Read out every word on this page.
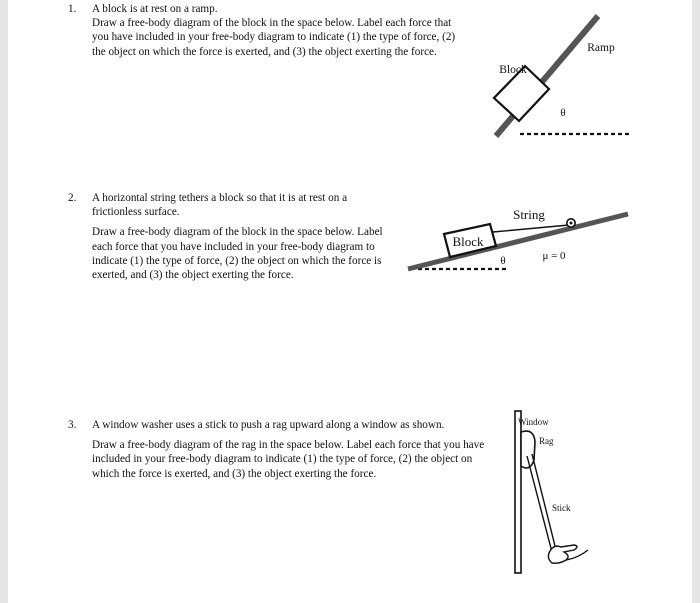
1. A block is at rest on a ramp.

Draw a free-body diagram of the block in the space below. Label each force that you have included in your free-body diagram to indicate (1) the type of force, (2) the object on which the force is exerted, and (3) the object exerting the force.

Block
Ramp
θ
2. A horizontal string tethers a block so that it is at rest on a frictionless surface.

Draw a free-body diagram of the block in the space below. Label each force that you have included in your free-body diagram to indicate (1) the type of force, (2) the object on which the force is exerted, and (3) the object exerting the force.

Block
String
θ	μ = 0
3. A window washer uses a stick to push a rag upward along a window as shown.

Draw a free-body diagram of the rag in the space below. Label each force that you have included in your free-body diagram to indicate (1) the type of force, (2) the object on which the force is exerted, and (3) the object exerting the force.

Window
Rag
Stick
